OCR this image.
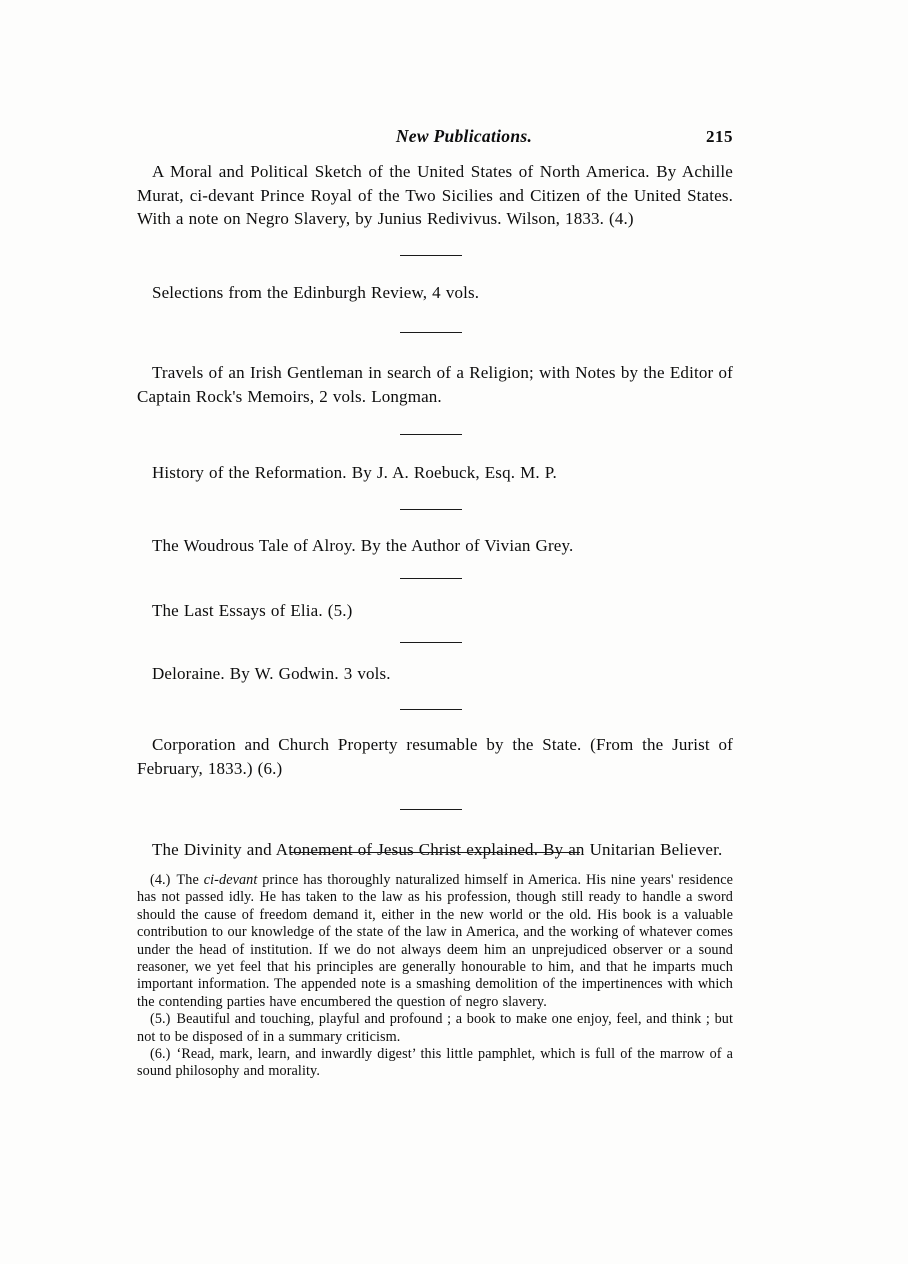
New Publications.	215

A Moral and Political Sketch of the United States of North America. By Achille Murat, ci-devant Prince Royal of the Two Sicilies and Citizen of the United States. With a note on Negro Slavery, by Junius Redivivus. Wilson, 1833. (4.)

Selections from the Edinburgh Review, 4 vols.

Travels of an Irish Gentleman in search of a Religion; with Notes by the Editor of Captain Rock's Memoirs, 2 vols. Longman.

History of the Reformation. By J. A. Roebuck, Esq. M. P.

The Woudrous Tale of Alroy. By the Author of Vivian Grey.

The Last Essays of Elia. (5.)

Deloraine. By W. Godwin. 3 vols.

Corporation and Church Property resumable by the State. (From the Jurist of February, 1833.) (6.)

The Divinity and Atonement of Jesus Christ explained. By an Unitarian Believer.

(4.) The ci-devant prince has thoroughly naturalized himself in America. His nine years' residence has not passed idly. He has taken to the law as his profession, though still ready to handle a sword should the cause of freedom demand it, either in the new world or the old. His book is a valuable contribution to our knowledge of the state of the law in America, and the working of whatever comes under the head of institution. If we do not always deem him an unprejudiced observer or a sound reasoner, we yet feel that his principles are generally honourable to him, and that he imparts much important information. The appended note is a smashing demolition of the impertinences with which the contending parties have encumbered the question of negro slavery.

(5.) Beautiful and touching, playful and profound ; a book to make one enjoy, feel, and think ; but not to be disposed of in a summary criticism.

(6.) ‘Read, mark, learn, and inwardly digest’ this little pamphlet, which is full of the marrow of a sound philosophy and morality.
